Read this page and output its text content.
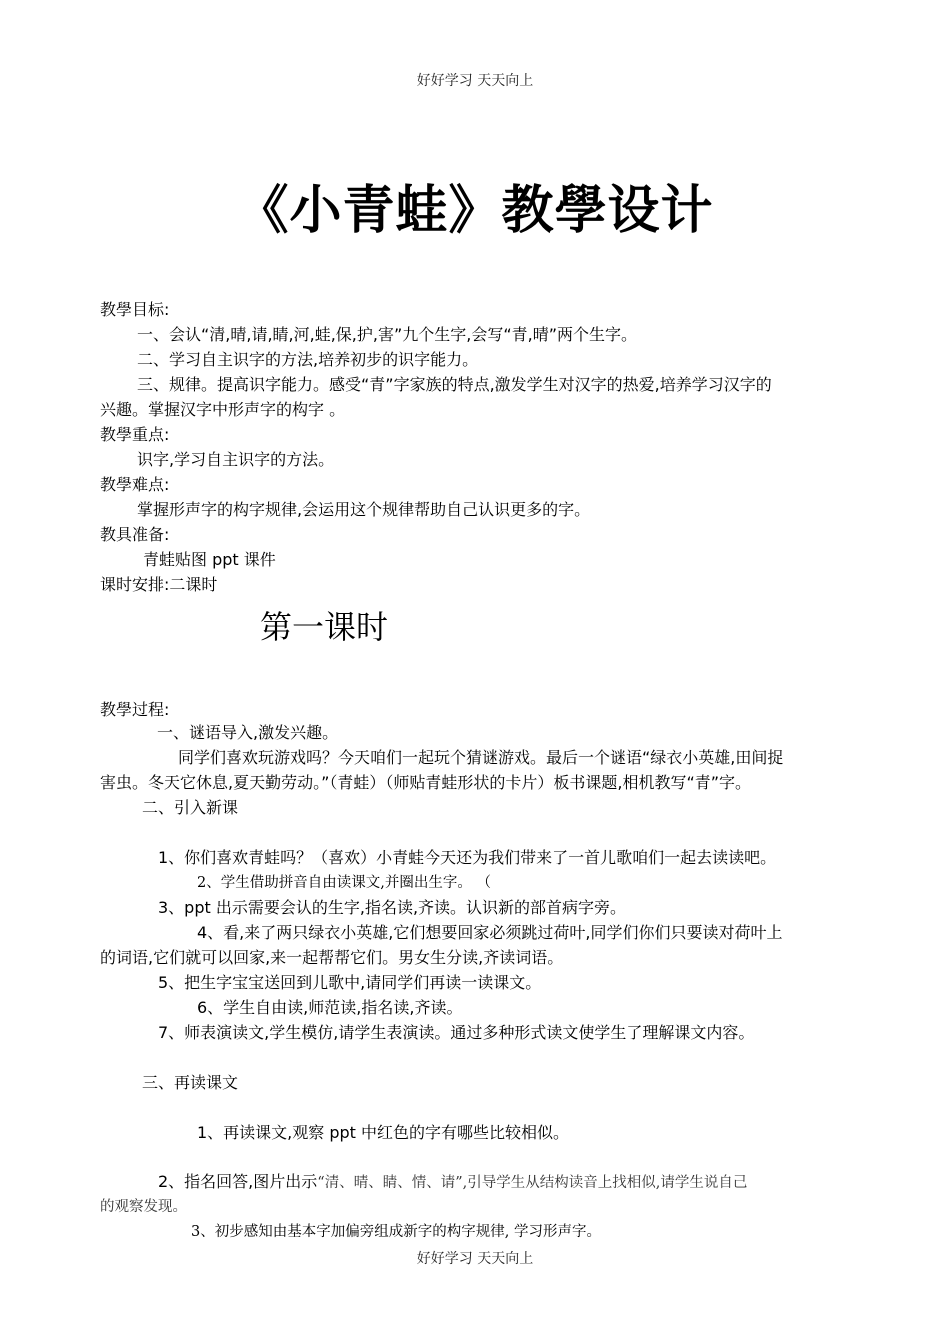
好好学习 天天向上
《小青蛙》教學设计
教學目标:
一、会认“清,晴,请,睛,河,蛙,保,护,害”九个生字,会写“青,晴”两个生字。
二、学习自主识字的方法,培养初步的识字能力。
三、规律。提高识字能力。感受“青”字家族的特点,激发学生对汉字的热爱,培养学习汉字的
兴趣。掌握汉字中形声字的构字 。
教學重点:
识字,学习自主识字的方法。
教學难点:
掌握形声字的构字规律,会运用这个规律帮助自己认识更多的字。
教具准备:
青蛙贴图 ppt 课件
课时安排:二课时
第一课时
教學过程:
一、谜语导入,激发兴趣。
同学们喜欢玩游戏吗？今天咱们一起玩个猜谜游戏。最后一个谜语“绿衣小英雄,田间捉
害虫。冬天它休息,夏天勤劳动。”（青蛙）（师贴青蛙形状的卡片）板书课题,相机教写“青”字。
二、引入新课
1、你们喜欢青蛙吗？（喜欢）小青蛙今天还为我们带来了一首儿歌咱们一起去读读吧。
2、学生借助拼音自由读课文,并圈出生字。 （
3、ppt 出示需要会认的生字,指名读,齐读。认识新的部首病字旁。
4、看,来了两只绿衣小英雄,它们想要回家必须跳过荷叶,同学们你们只要读对荷叶上
的词语,它们就可以回家,来一起帮帮它们。男女生分读,齐读词语。
5、把生字宝宝送回到儿歌中,请同学们再读一读课文。
6、学生自由读,师范读,指名读,齐读。
7、师表演读文,学生模仿,请学生表演读。通过多种形式读文使学生了理解课文内容。
三、再读课文
1、再读课文,观察 ppt 中红色的字有哪些比较相似。
2、指名回答,图片出示“清、晴、睛、情、请”,引导学生从结构读音上找相似,请学生说自己
的观察发现。
3、初步感知由基本字加偏旁组成新字的构字规律, 学习形声字。
好好学习 天天向上
